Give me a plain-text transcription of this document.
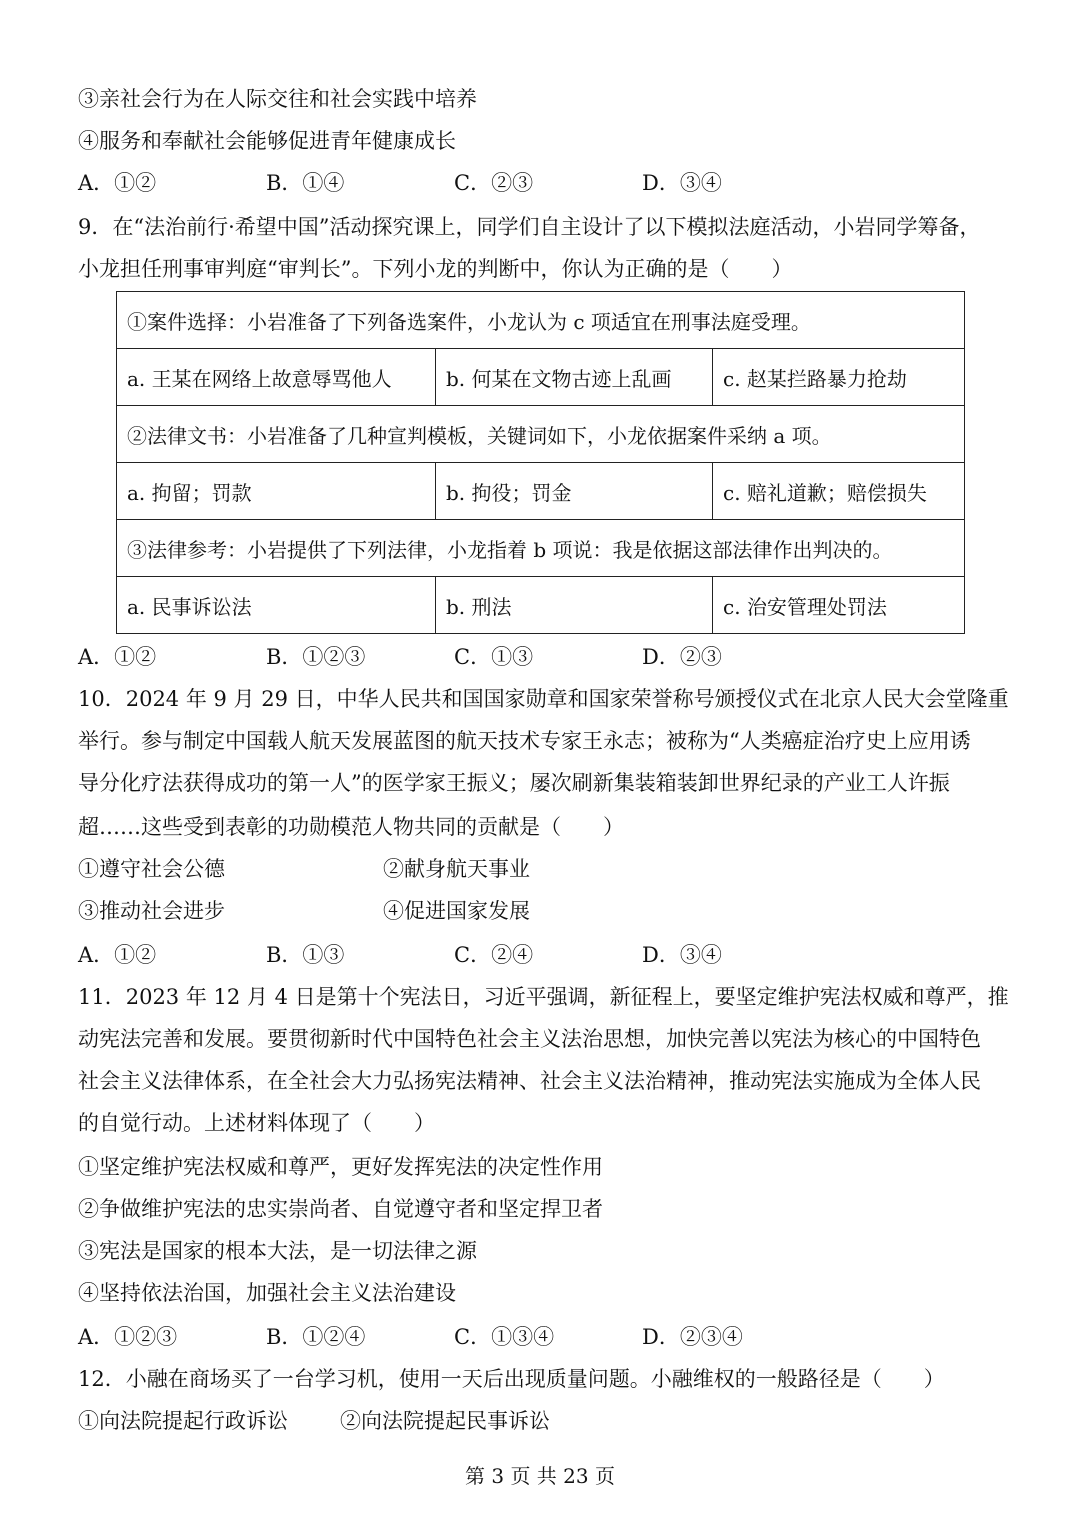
③亲社会行为在人际交往和社会实践中培养
④服务和奉献社会能够促进青年健康成长
A．①②	B．①④	C．②③	D．③④
9．在“法治前行·希望中国”活动探究课上，同学们自主设计了以下模拟法庭活动，小岩同学筹备，
小龙担任刑事审判庭“审判长”。下列小龙的判断中，你认为正确的是（　　）
①案件选择：小岩准备了下列备选案件，小龙认为 c 项适宜在刑事法庭受理。		
a. 王某在网络上故意辱骂他人	b. 何某在文物古迹上乱画	c. 赵某拦路暴力抢劫
②法律文书：小岩准备了几种宣判模板，关键词如下，小龙依据案件采纳 a 项。		
a. 拘留；罚款	b. 拘役；罚金	c. 赔礼道歉；赔偿损失
③法律参考：小岩提供了下列法律，小龙指着 b 项说：我是依据这部法律作出判决的。		
a. 民事诉讼法	b. 刑法	c. 治安管理处罚法
A．①②	B．①②③	C．①③	D．②③
10．2024 年 9 月 29 日，中华人民共和国国家勋章和国家荣誉称号颁授仪式在北京人民大会堂隆重
举行。参与制定中国载人航天发展蓝图的航天技术专家王永志；被称为“人类癌症治疗史上应用诱
导分化疗法获得成功的第一人”的医学家王振义；屡次刷新集装箱装卸世界纪录的产业工人许振
超……这些受到表彰的功勋模范人物共同的贡献是（　　）
①遵守社会公德	②献身航天事业
③推动社会进步	④促进国家发展
A．①②	B．①③	C．②④	D．③④
11．2023 年 12 月 4 日是第十个宪法日，习近平强调，新征程上，要坚定维护宪法权威和尊严，推
动宪法完善和发展。要贯彻新时代中国特色社会主义法治思想，加快完善以宪法为核心的中国特色
社会主义法律体系，在全社会大力弘扬宪法精神、社会主义法治精神，推动宪法实施成为全体人民
的自觉行动。上述材料体现了（　　）
①坚定维护宪法权威和尊严，更好发挥宪法的决定性作用
②争做维护宪法的忠实崇尚者、自觉遵守者和坚定捍卫者
③宪法是国家的根本大法，是一切法律之源
④坚持依法治国，加强社会主义法治建设
A．①②③	B．①②④	C．①③④	D．②③④
12．小融在商场买了一台学习机，使用一天后出现质量问题。小融维权的一般路径是（　　）
①向法院提起行政诉讼 ②向法院提起民事诉讼
第 3 页 共 23 页
